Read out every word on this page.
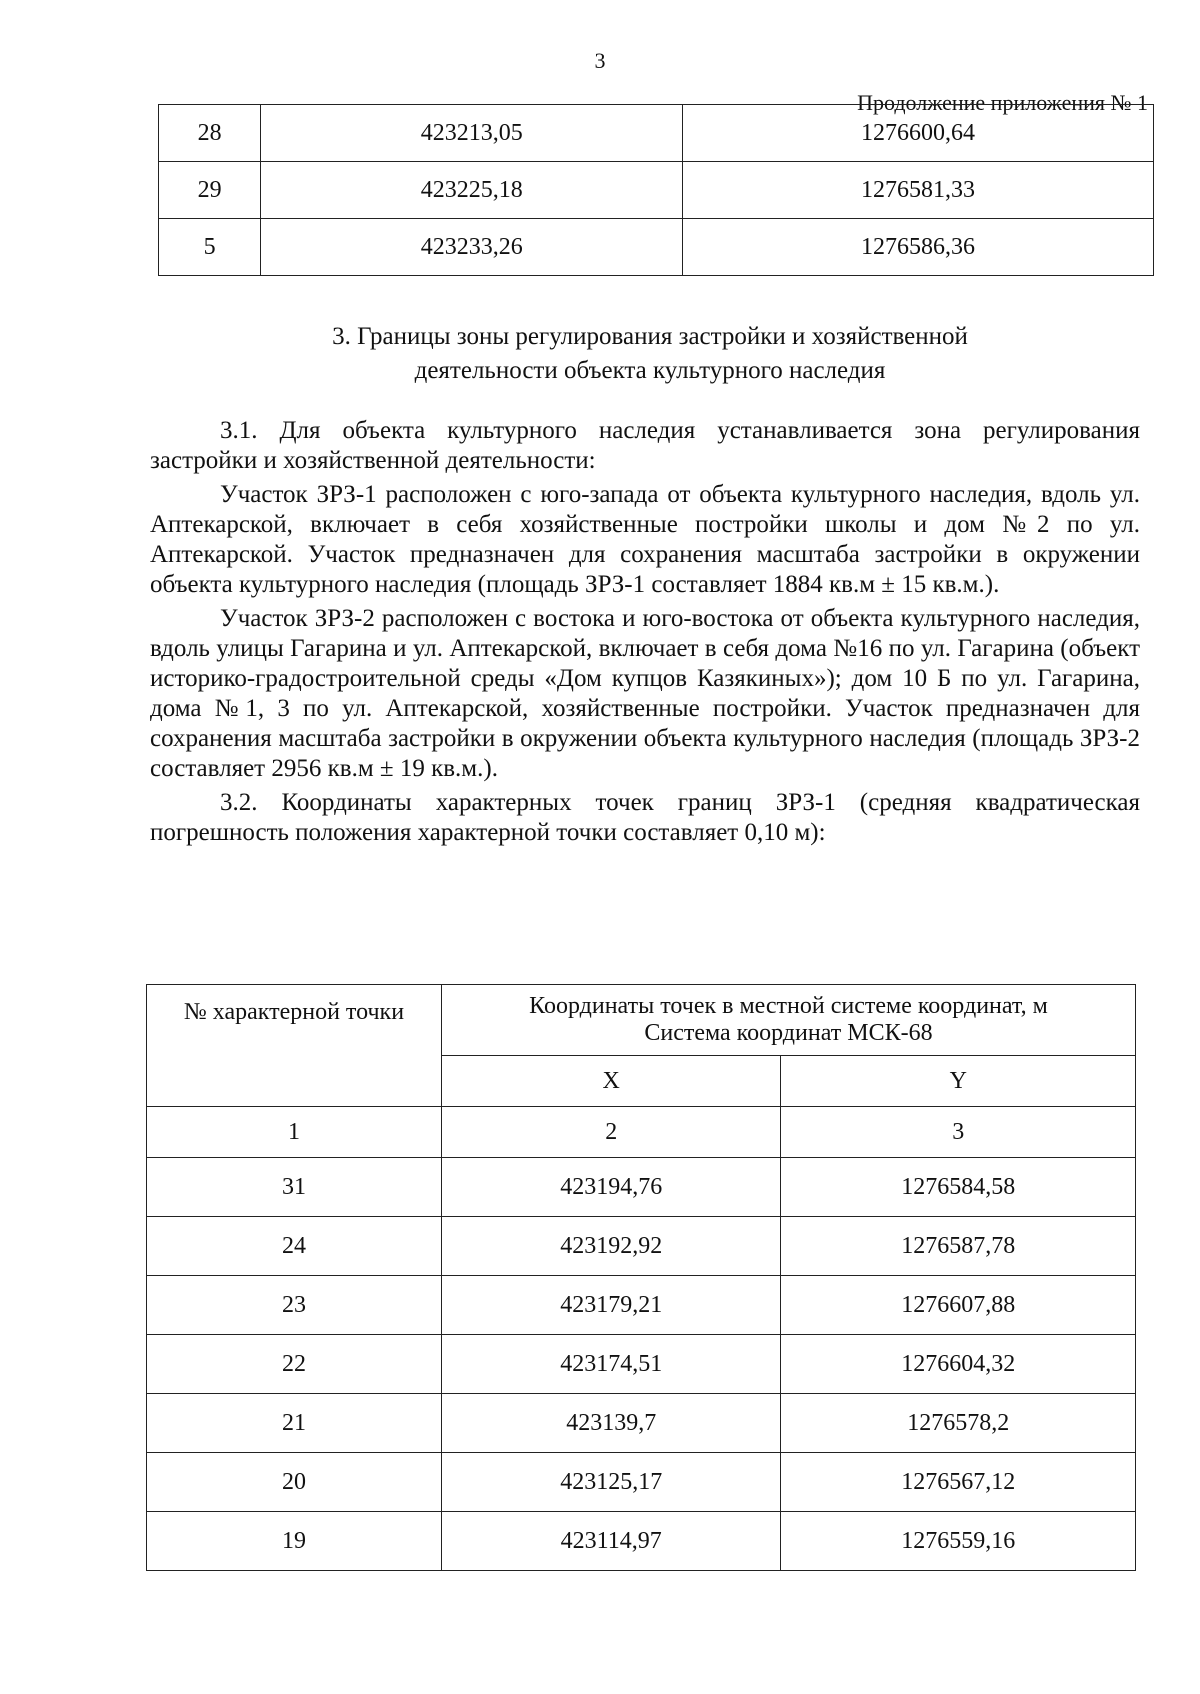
3
Продолжение приложения № 1
28	423213,05	1276600,64
29	423225,18	1276581,33
5	423233,26	1276586,36
3. Границы зоны регулирования застройки и хозяйственной
деятельности объекта культурного наследия

3.1. Для объекта культурного наследия устанавливается зона регулирования застройки и хозяйственной деятельности:

Участок ЗРЗ-1 расположен с юго-запада от объекта культурного наследия, вдоль ул. Аптекарской, включает в себя хозяйственные постройки школы и дом №2 по ул. Аптекарской. Участок предназначен для сохранения масштаба застройки в окружении объекта культурного наследия (площадь ЗРЗ-1 составляет 1884 кв.м ± 15 кв.м.).

Участок ЗРЗ-2 расположен с востока и юго-востока от объекта культурного наследия, вдоль улицы Гагарина и ул. Аптекарской, включает в себя дома №16 по ул. Гагарина (объект историко-градостроительной среды «Дом купцов Казякиных»); дом 10 Б по ул. Гагарина, дома №1, 3 по ул. Аптекарской, хозяйственные постройки. Участок предназначен для сохранения масштаба застройки в окружении объекта культурного наследия (площадь ЗРЗ-2 составляет 2956 кв.м ± 19 кв.м.).

3.2. Координаты характерных точек границ ЗРЗ-1 (средняя квадратическая погрешность положения характерной точки составляет 0,10 м):

№ характерной точки	Координаты точек в местной системе координат, м
Система координат МСК-68	

	X	Y
1	2	3
31	423194,76	1276584,58
24	423192,92	1276587,78
23	423179,21	1276607,88
22	423174,51	1276604,32
21	423139,7	1276578,2
20	423125,17	1276567,12
19	423114,97	1276559,16
